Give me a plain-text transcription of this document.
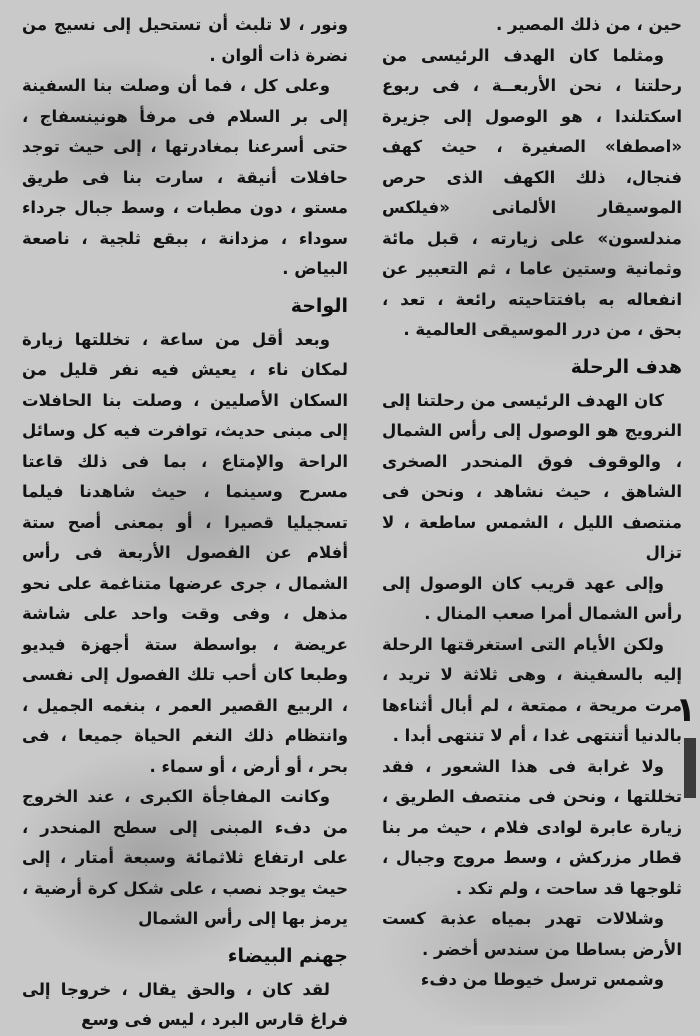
حين ، من ذلك المصير .

ومثلما كان الهدف الرئيسى من رحلتنا ، نحن الأربعــة ، فى ربوع اسكتلندا ، هو الوصول إلى جزيرة «اصطفا» الصغيرة ، حيث كهف فنجال، ذلك الكهف الذى حرص الموسيقار الألمانى «فيلكس مندلسون» على زيارته ، قبل مائة وثمانية وستين عاما ، ثم التعبير عن انفعاله به بافتتاحيته رائعة ، تعد ، بحق ، من درر الموسيقى العالمية .

هدف الرحلة

كان الهدف الرئيسى من رحلتنا إلى النرويج هو الوصول إلى رأس الشمال ، والوقوف فوق المنحدر الصخرى الشاهق ، حيث نشاهد ، ونحن فى منتصف الليل ، الشمس ساطعة ، لا تزال

وإلى عهد قريب كان الوصول إلى رأس الشمال أمرا صعب المنال .

ولكن الأيام التى استغرقتها الرحلة إليه بالسفينة ، وهى ثلاثة لا تريد ، مرت مريحة ، ممتعة ، لم أبال أثناءها بالدنيا أتنتهى غدا ، أم لا تنتهى أبدا .

ولا غرابة فى هذا الشعور ، فقد تخللتها ، ونحن فى منتصف الطريق ، زيارة عابرة لوادى فلام ، حيث مر بنا قطار مزركش ، وسط مروج وجبال ، ثلوجها قد ساحت ، ولم تكد .

وشلالات تهدر بمياه عذبة كست الأرض بساطا من سندس أخضر .

وشمس ترسل خيوطا من دفء

ونور ، لا تلبث أن تستحيل إلى نسيج من نضرة ذات ألوان .

وعلى كل ، فما أن وصلت بنا السفينة إلى بر السلام فى مرفأ هونينسفاج ، حتى أسرعنا بمغادرتها ، إلى حيث توجد حافلات أنيقة ، سارت بنا فى طريق مستو ، دون مطبات ، وسط جبال جرداء سوداء ، مزدانة ، ببقع ثلجية ، ناصعة البياض .

الواحة

وبعد أقل من ساعة ، تخللتها زيارة لمكان ناء ، يعيش فيه نفر قليل من السكان الأصليين ، وصلت بنا الحافلات إلى مبنى حديث، توافرت فيه كل وسائل الراحة والإمتاع ، بما فى ذلك قاعتا مسرح وسينما ، حيث شاهدنا فيلما تسجيليا قصيرا ، أو بمعنى أصح ستة أفلام عن الفصول الأربعة فى رأس الشمال ، جرى عرضها متناغمة على نحو مذهل ، وفى وقت واحد على شاشة عريضة ، بواسطة ستة أجهزة فيديو وطبعا كان أحب تلك الفصول إلى نفسى ، الربيع القصير العمر ، بنغمه الجميل ، وانتظام ذلك النغم الحياة جميعا ، فى بحر ، أو أرض ، أو سماء .

وكانت المفاجأة الكبرى ، عند الخروج من دفء المبنى إلى سطح المنحدر ، على ارتفاع ثلاثمائة وسبعة أمتار ، إلى حيث يوجد نصب ، على شكل كرة أرضية ، يرمز بها إلى رأس الشمال

جهنم البيضاء

لقد كان ، والحق يقال ، خروجا إلى فراغ قارس البرد ، ليس فى وسع

١
